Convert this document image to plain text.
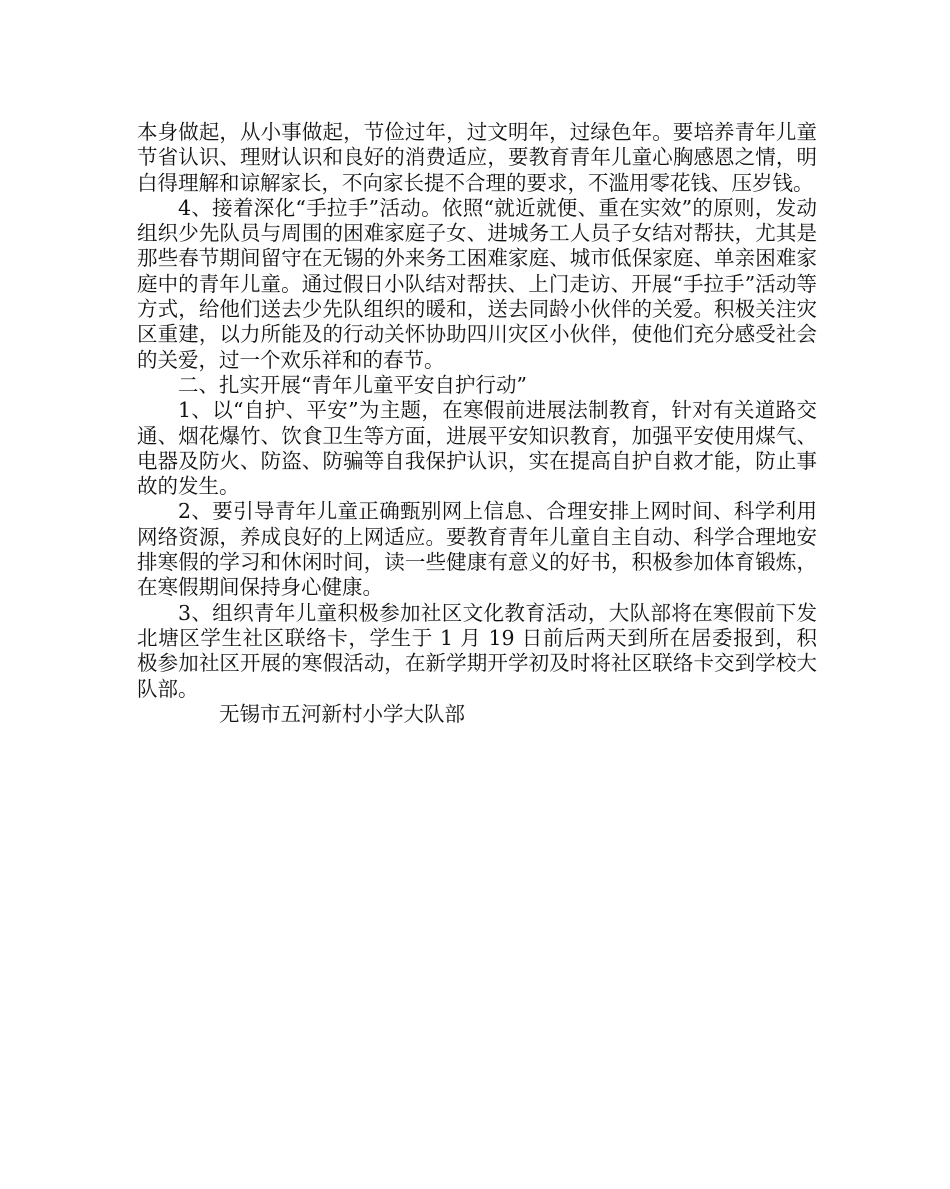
本身做起，从小事做起，节俭过年，过文明年，过绿色年。要培养青年儿童节省认识、理财认识和良好的消费适应，要教育青年儿童心胸感恩之情，明白得理解和谅解家长，不向家长提不合理的要求，不滥用零花钱、压岁钱。

4、接着深化“手拉手”活动。依照“就近就便、重在实效”的原则，发动组织少先队员与周围的困难家庭子女、进城务工人员子女结对帮扶，尤其是那些春节期间留守在无锡的外来务工困难家庭、城市低保家庭、单亲困难家庭中的青年儿童。通过假日小队结对帮扶、上门走访、开展“手拉手”活动等方式，给他们送去少先队组织的暖和，送去同龄小伙伴的关爱。积极关注灾区重建，以力所能及的行动关怀协助四川灾区小伙伴，使他们充分感受社会的关爱，过一个欢乐祥和的春节。

二、扎实开展“青年儿童平安自护行动”

1、以“自护、平安”为主题，在寒假前进展法制教育，针对有关道路交通、烟花爆竹、饮食卫生等方面，进展平安知识教育，加强平安使用煤气、电器及防火、防盗、防骗等自我保护认识，实在提高自护自救才能，防止事故的发生。

2、要引导青年儿童正确甄别网上信息、合理安排上网时间、科学利用网络资源，养成良好的上网适应。要教育青年儿童自主自动、科学合理地安排寒假的学习和休闲时间，读一些健康有意义的好书，积极参加体育锻炼，在寒假期间保持身心健康。

3、组织青年儿童积极参加社区文化教育活动，大队部将在寒假前下发北塘区学生社区联络卡，学生于 1 月 19 日前后两天到所在居委报到，积极参加社区开展的寒假活动，在新学期开学初及时将社区联络卡交到学校大队部。

无锡市五河新村小学大队部
